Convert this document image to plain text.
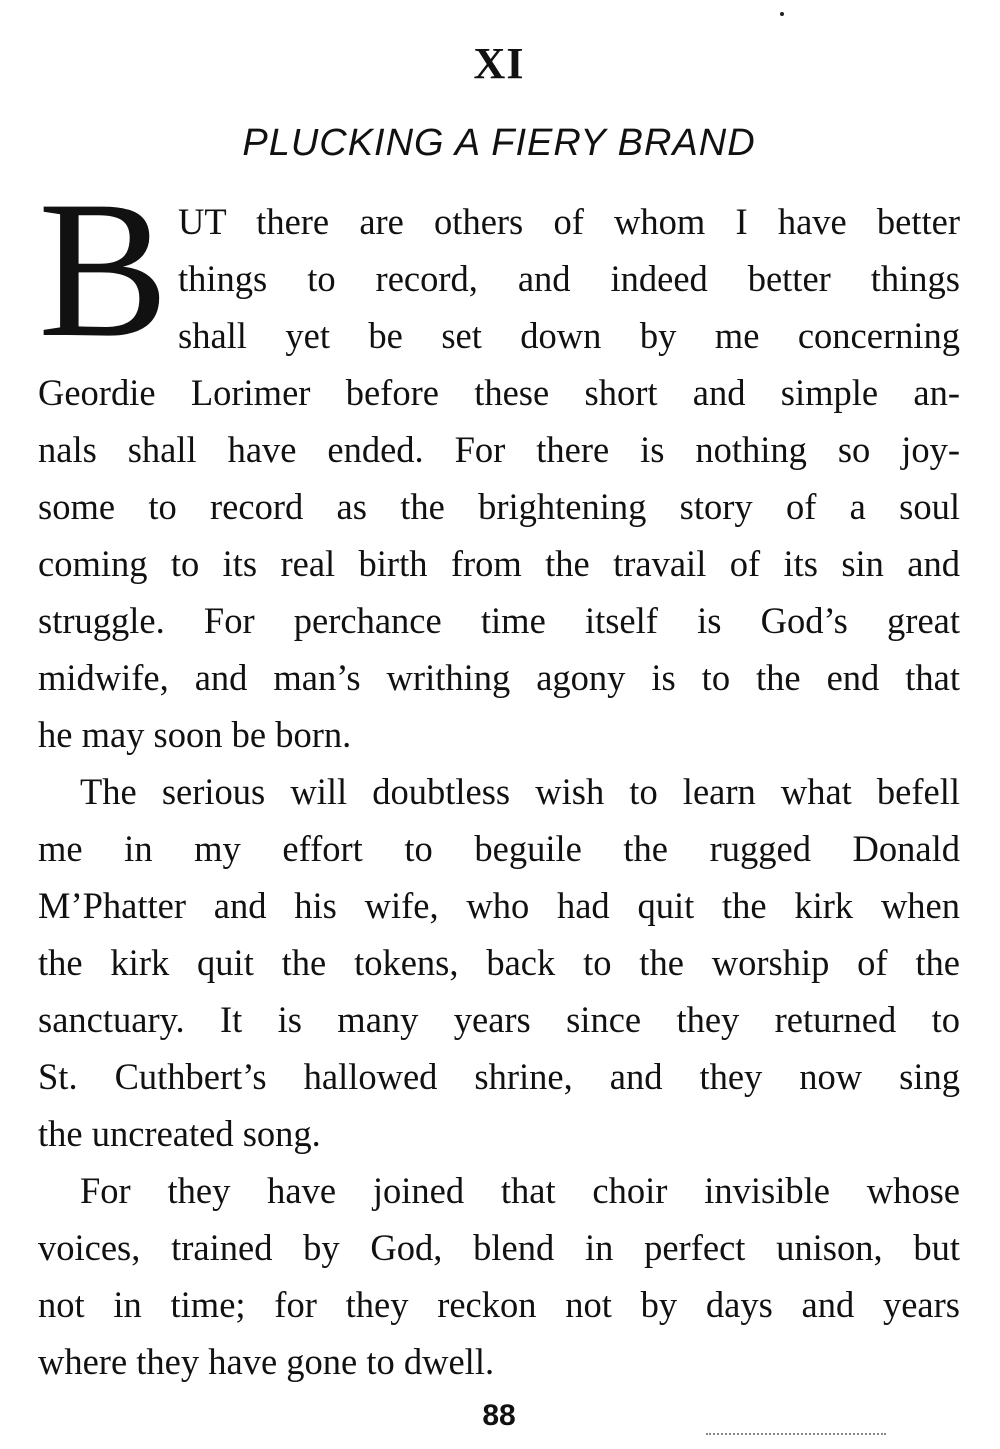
XI
PLUCKING A FIERY BRAND
B UT there are others of whom I have better
things to record, and indeed better things
shall yet be set down by me concerning
Geordie Lorimer before these short and simple an-
nals shall have ended. For there is nothing so joy-
some to record as the brightening story of a soul
coming to its real birth from the travail of its sin and
struggle. For perchance time itself is God’s great
midwife, and man’s writhing agony is to the end that
he may soon be born.
The serious will doubtless wish to learn what befell
me in my effort to beguile the rugged Donald
M’Phatter and his wife, who had quit the kirk when
the kirk quit the tokens, back to the worship of the
sanctuary. It is many years since they returned to
St. Cuthbert’s hallowed shrine, and they now sing
the uncreated song.
For they have joined that choir invisible whose
voices, trained by God, blend in perfect unison, but
not in time; for they reckon not by days and years
where they have gone to dwell.
88
